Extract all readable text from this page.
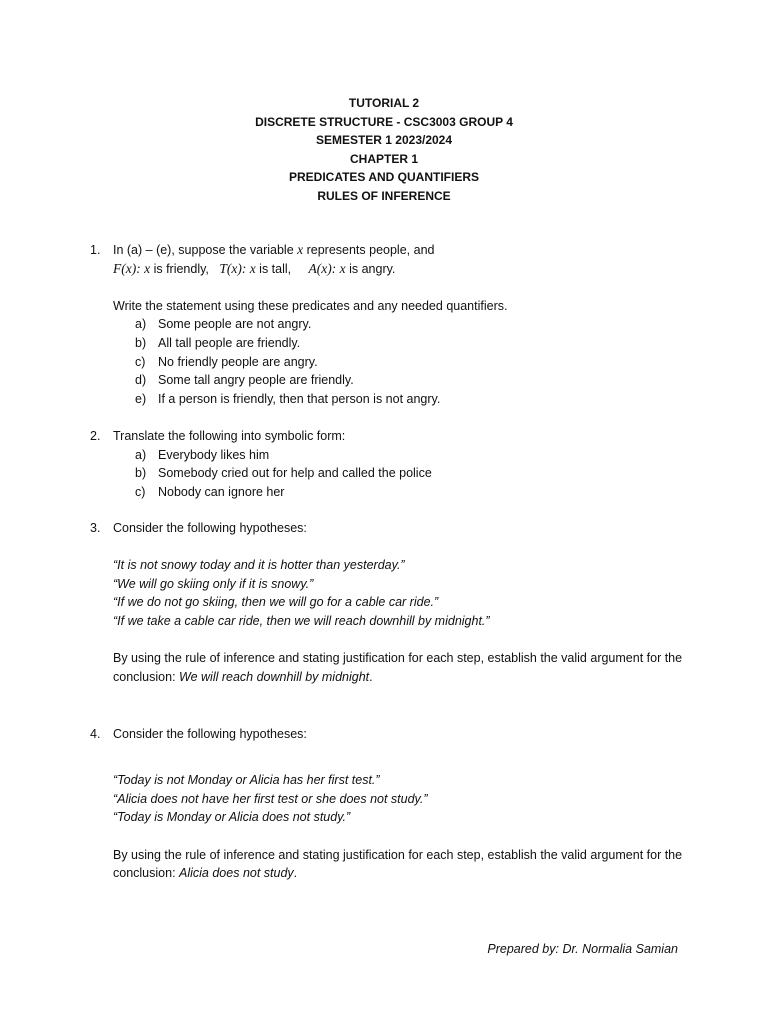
TUTORIAL 2
DISCRETE STRUCTURE - CSC3003 GROUP 4
SEMESTER 1 2023/2024
CHAPTER 1
PREDICATES AND QUANTIFIERS
RULES OF INFERENCE
1. In (a) – (e), suppose the variable x represents people, and
F(x): x is friendly, T(x): x is tall, A(x): x is angry.
Write the statement using these predicates and any needed quantifiers.
a) Some people are not angry.
b) All tall people are friendly.
c) No friendly people are angry.
d) Some tall angry people are friendly.
e) If a person is friendly, then that person is not angry.
2. Translate the following into symbolic form:
a) Everybody likes him
b) Somebody cried out for help and called the police
c) Nobody can ignore her
3. Consider the following hypotheses:
“It is not snowy today and it is hotter than yesterday.”
“We will go skiing only if it is snowy.”
“If we do not go skiing, then we will go for a cable car ride.”
“If we take a cable car ride, then we will reach downhill by midnight.”
By using the rule of inference and stating justification for each step, establish the valid argument for the conclusion: We will reach downhill by midnight.
4. Consider the following hypotheses:
“Today is not Monday or Alicia has her first test.”
“Alicia does not have her first test or she does not study.”
“Today is Monday or Alicia does not study.”
By using the rule of inference and stating justification for each step, establish the valid argument for the conclusion: Alicia does not study.
Prepared by: Dr. Normalia Samian
